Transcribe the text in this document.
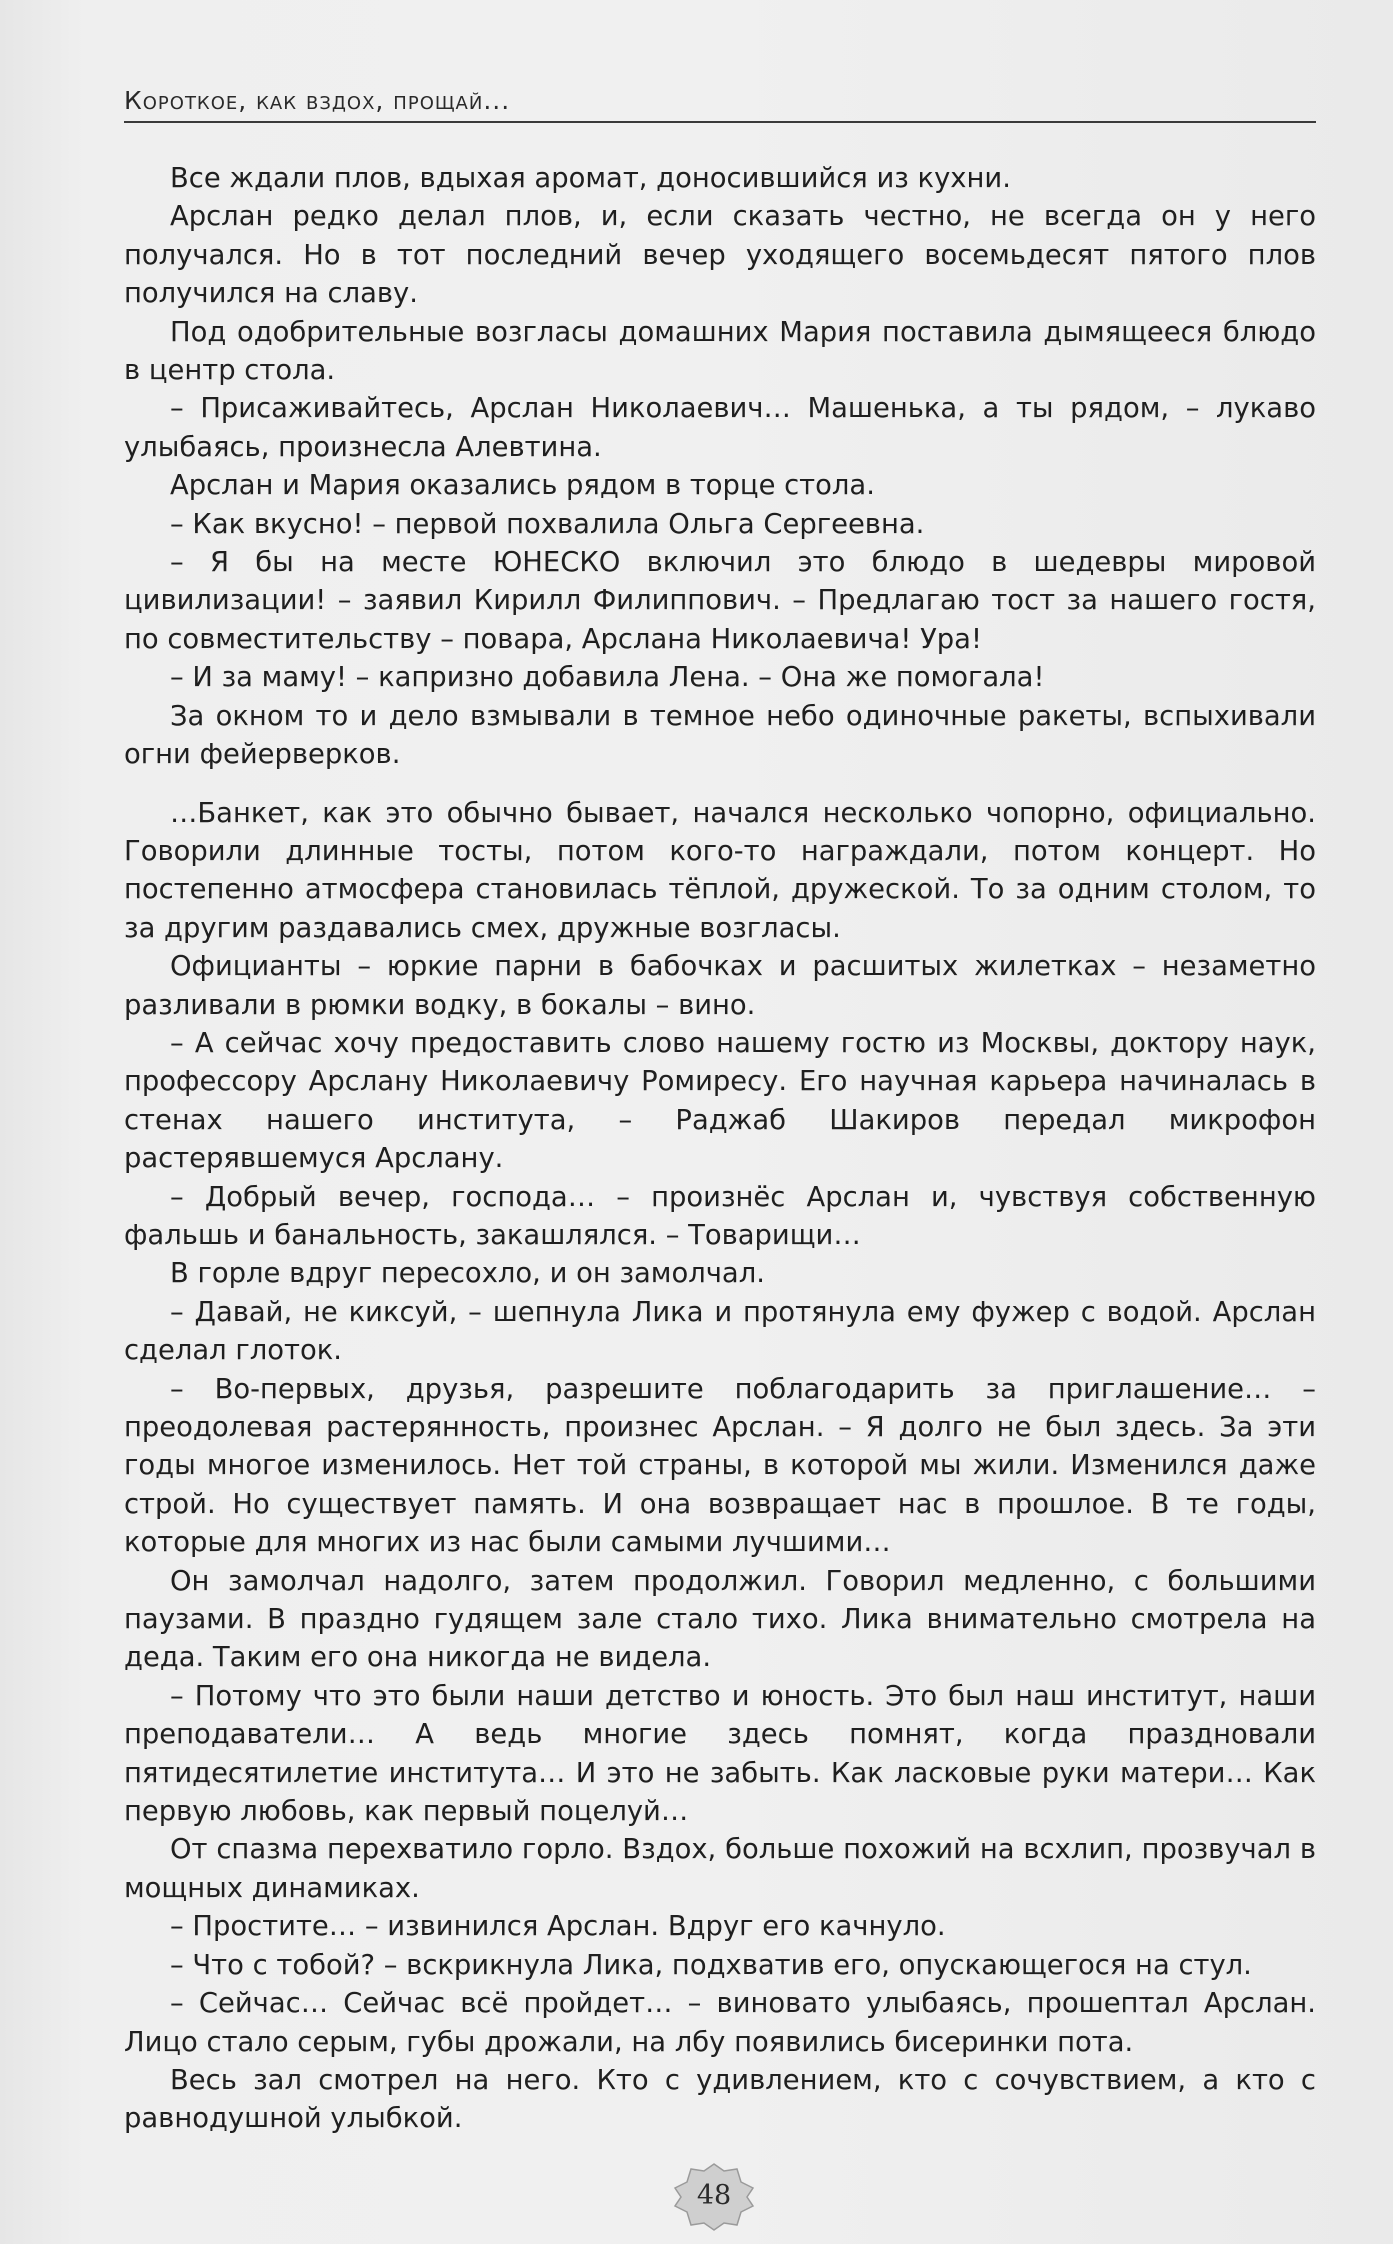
Короткое, как вздох, прощай...

Все ждали плов, вдыхая аромат, доносившийся из кухни.

Арслан редко делал плов, и, если сказать честно, не всегда он у него получался. Но в тот последний вечер уходящего восемьдесят пятого плов получился на славу.

Под одобрительные возгласы домашних Мария поставила дымящееся блюдо в центр стола.

– Присаживайтесь, Арслан Николаевич… Машенька, а ты рядом, – лукаво улыбаясь, произнесла Алевтина.

Арслан и Мария оказались рядом в торце стола.

– Как вкусно! – первой похвалила Ольга Сергеевна.

– Я бы на месте ЮНЕСКО включил это блюдо в шедевры мировой цивилизации! – заявил Кирилл Филиппович. – Предлагаю тост за нашего гостя, по совместительству – повара, Арслана Николаевича! Ура!

– И за маму! – капризно добавила Лена. – Она же помогала!

За окном то и дело взмывали в темное небо одиночные ракеты, вспыхивали огни фейерверков.

…Банкет, как это обычно бывает, начался несколько чопорно, официально. Говорили длинные тосты, потом кого-то награждали, потом концерт. Но постепенно атмосфера становилась тёплой, дружеской. То за одним столом, то за другим раздавались смех, дружные возгласы.

Официанты – юркие парни в бабочках и расшитых жилетках – незаметно разливали в рюмки водку, в бокалы – вино.

– А сейчас хочу предоставить слово нашему гостю из Москвы, доктору наук, профессору Арслану Николаевичу Ромиресу. Его научная карьера начиналась в стенах нашего института, – Раджаб Шакиров передал микрофон растерявшемуся Арслану.

– Добрый вечер, господа… – произнёс Арслан и, чувствуя собственную фальшь и банальность, закашлялся. – Товарищи…

В горле вдруг пересохло, и он замолчал.

– Давай, не киксуй, – шепнула Лика и протянула ему фужер с водой. Арслан сделал глоток.

– Во-первых, друзья, разрешите поблагодарить за приглашение… – преодолевая растерянность, произнес Арслан. – Я долго не был здесь. За эти годы многое изменилось. Нет той страны, в которой мы жили. Изменился даже строй. Но существует память. И она возвращает нас в прошлое. В те годы, которые для многих из нас были самыми лучшими…

Он замолчал надолго, затем продолжил. Говорил медленно, с большими паузами. В праздно гудящем зале стало тихо. Лика внимательно смотрела на деда. Таким его она никогда не видела.

– Потому что это были наши детство и юность. Это был наш институт, наши преподаватели… А ведь многие здесь помнят, когда праздновали пятидесятилетие института… И это не забыть. Как ласковые руки матери… Как первую любовь, как первый поцелуй…

От спазма перехватило горло. Вздох, больше похожий на всхлип, прозвучал в мощных динамиках.

– Простите… – извинился Арслан. Вдруг его качнуло.

– Что с тобой? – вскрикнула Лика, подхватив его, опускающегося на стул.

– Сейчас… Сейчас всё пройдет… – виновато улыбаясь, прошептал Арслан. Лицо стало серым, губы дрожали, на лбу появились бисеринки пота.

Весь зал смотрел на него. Кто с удивлением, кто с сочувствием, а кто с равнодушной улыбкой.

48
